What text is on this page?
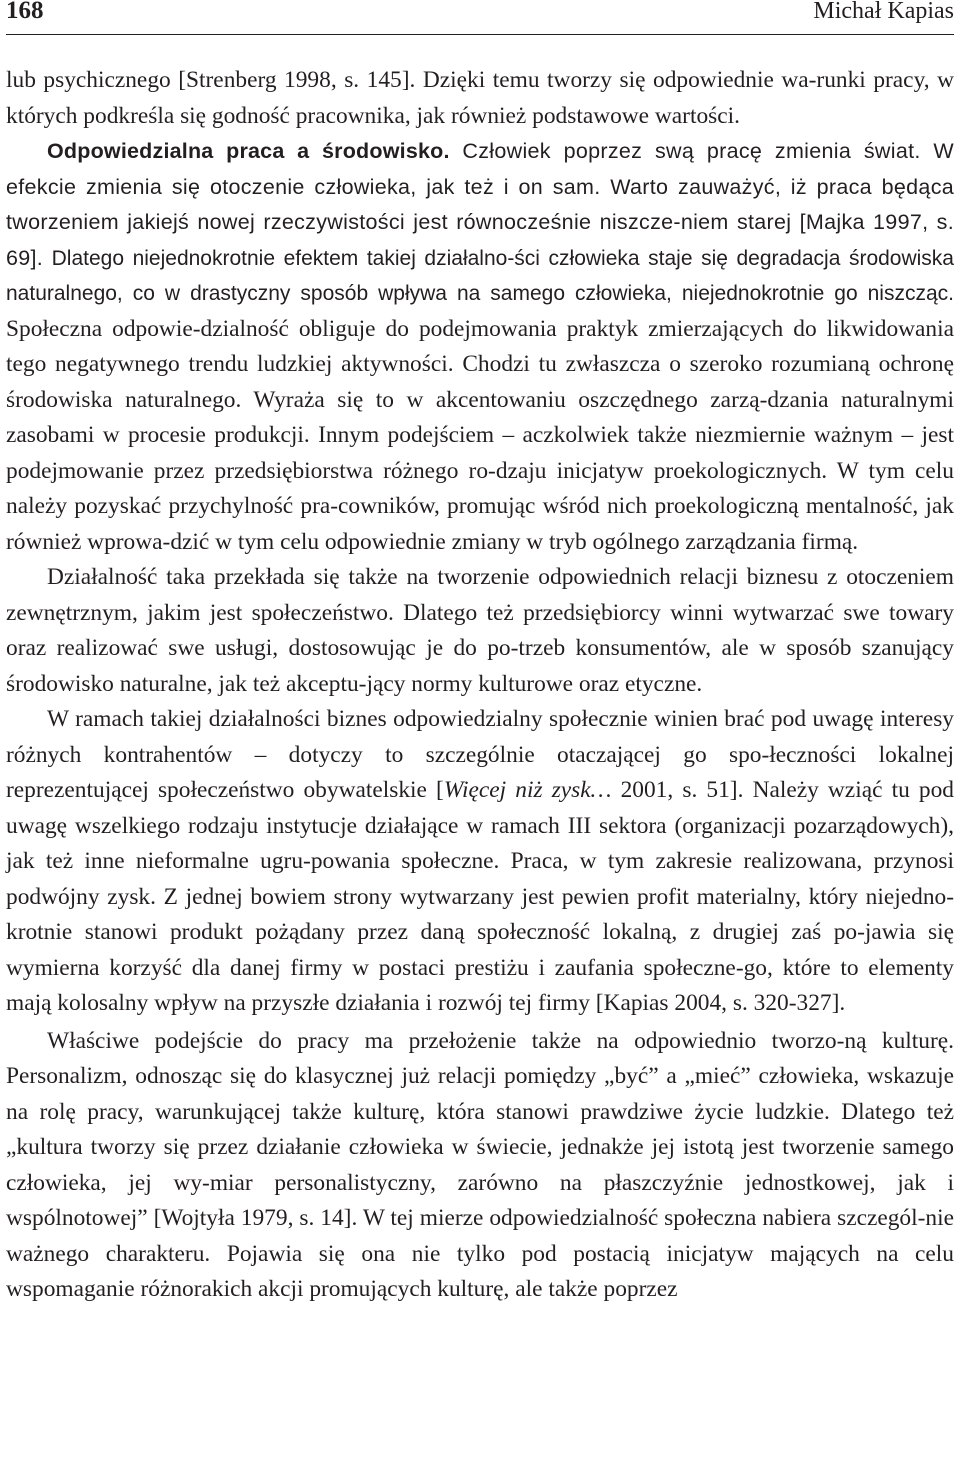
168	Michał Kapias

lub psychicznego [Strenberg 1998, s. 145]. Dzięki temu tworzy się odpowiednie wa-runki pracy, w których podkreśla się godność pracownika, jak również podstawowe wartości.

Odpowiedzialna praca a środowisko. Człowiek poprzez swą pracę zmienia świat. W efekcie zmienia się otoczenie człowieka, jak też i on sam. Warto zauważyć, iż praca będąca tworzeniem jakiejś nowej rzeczywistości jest równocześnie niszcze-niem starej [Majka 1997, s. 69]. Dlatego niejednokrotnie efektem takiej działalno-ści człowieka staje się degradacja środowiska naturalnego, co w drastyczny sposób wpływa na samego człowieka, niejednokrotnie go niszcząc. Społeczna odpowie-dzialność obliguje do podejmowania praktyk zmierzających do likwidowania tego negatywnego trendu ludzkiej aktywności. Chodzi tu zwłaszcza o szeroko rozumianą ochronę środowiska naturalnego. Wyraża się to w akcentowaniu oszczędnego zarzą-dzania naturalnymi zasobami w procesie produkcji. Innym podejściem – aczkolwiek także niezmiernie ważnym – jest podejmowanie przez przedsiębiorstwa różnego ro-dzaju inicjatyw proekologicznych. W tym celu należy pozyskać przychylność pra-cowników, promując wśród nich proekologiczną mentalność, jak również wprowa-dzić w tym celu odpowiednie zmiany w tryb ogólnego zarządzania firmą.

Działalność taka przekłada się także na tworzenie odpowiednich relacji biznesu z otoczeniem zewnętrznym, jakim jest społeczeństwo. Dlatego też przedsiębiorcy winni wytwarzać swe towary oraz realizować swe usługi, dostosowując je do po-trzeb konsumentów, ale w sposób szanujący środowisko naturalne, jak też akceptu-jący normy kulturowe oraz etyczne.

W ramach takiej działalności biznes odpowiedzialny społecznie winien brać pod uwagę interesy różnych kontrahentów – dotyczy to szczególnie otaczającej go spo-łeczności lokalnej reprezentującej społeczeństwo obywatelskie [Więcej niż zysk… 2001, s. 51]. Należy wziąć tu pod uwagę wszelkiego rodzaju instytucje działające w ramach III sektora (organizacji pozarządowych), jak też inne nieformalne ugru-powania społeczne. Praca, w tym zakresie realizowana, przynosi podwójny zysk. Z jednej bowiem strony wytwarzany jest pewien profit materialny, który niejedno-krotnie stanowi produkt pożądany przez daną społeczność lokalną, z drugiej zaś po-jawia się wymierna korzyść dla danej firmy w postaci prestiżu i zaufania społeczne-go, które to elementy mają kolosalny wpływ na przyszłe działania i rozwój tej firmy [Kapias 2004, s. 320-327].

Właściwe podejście do pracy ma przełożenie także na odpowiednio tworzo-ną kulturę. Personalizm, odnosząc się do klasycznej już relacji pomiędzy „być” a „mieć” człowieka, wskazuje na rolę pracy, warunkującej także kulturę, która stanowi prawdziwe życie ludzkie. Dlatego też „kultura tworzy się przez działanie człowieka w świecie, jednakże jej istotą jest tworzenie samego człowieka, jej wy-miar personalistyczny, zarówno na płaszczyźnie jednostkowej, jak i wspólnotowej” [Wojtyła 1979, s. 14]. W tej mierze odpowiedzialność społeczna nabiera szczegól-nie ważnego charakteru. Pojawia się ona nie tylko pod postacią inicjatyw mających na celu wspomaganie różnorakich akcji promujących kulturę, ale także poprzez
